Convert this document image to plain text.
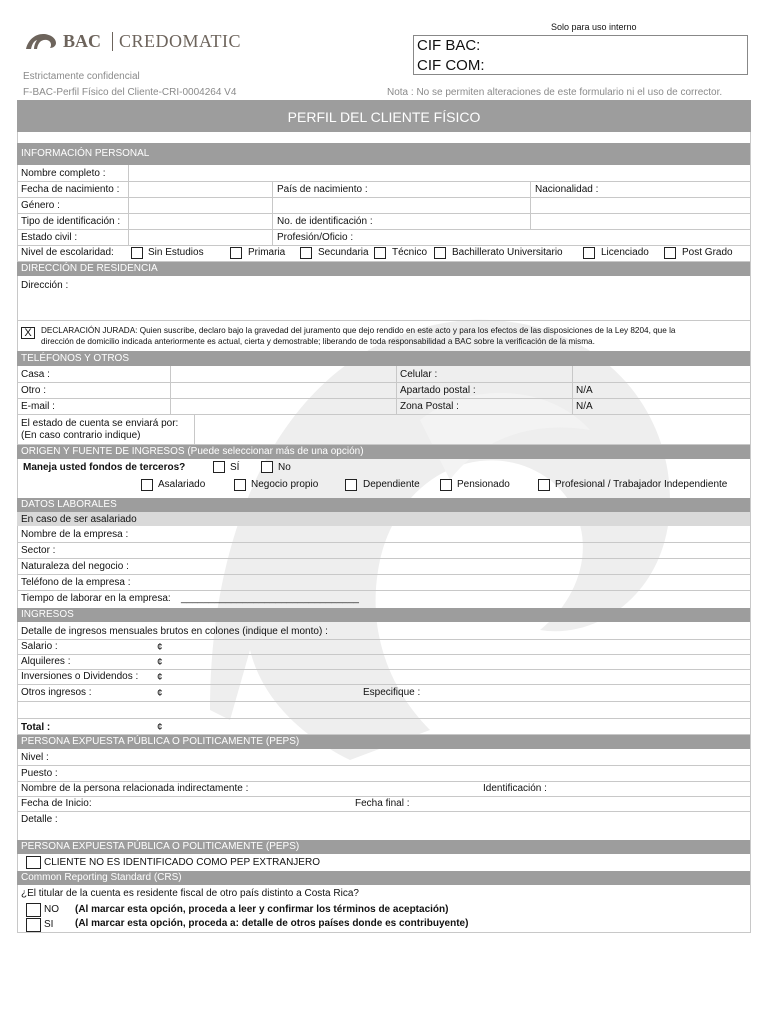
BAC CREDOMATIC
Solo para uso interno
CIF BAC:
CIF COM:
Estrictamente confidencial
F-BAC-Perfil Físico del Cliente-CRI-0004264 V4	Nota : No se permiten alteraciones de este formulario ni el uso de corrector.
PERFIL DEL CLIENTE FÍSICO
INFORMACIÓN PERSONAL
Nombre completo :
Fecha de nacimiento :	País de nacimiento :	Nacionalidad :
Género :
Tipo de identificación :	No. de identificación :
Estado civil :	Profesión/Oficio :
Nivel de escolaridad:	Sin Estudios	Primaria	Secundaria Técnico Bachillerato Universitario	Licenciado	Post Grado
DIRECCIÓN DE RESIDENCIA
Dirección :
X	DECLARACIÓN JURADA: Quien suscribe, declaro bajo la gravedad del juramento que dejo rendido en este acto y para los efectos de las disposiciones de la Ley 8204, que la
dirección de domicilio indicada anteriormente es actual, cierta y demostrable; liberando de toda responsabilidad a BAC sobre la verificación de la misma.
TELÉFONOS Y OTROS
Casa :	Celular :
Otro :	Apartado postal :	N/A
E-mail :	Zona Postal :	N/A
El estado de cuenta se enviará por:
(En caso contrario indique)
ORIGEN Y FUENTE DE INGRESOS (Puede seleccionar más de una opción)
Maneja usted fondos de terceros?	SÍ	No
Asalariado	Negocio propio	Dependiente	Pensionado	Profesional / Trabajador Independiente
DATOS LABORALES
En caso de ser asalariado
Nombre de la empresa :
Sector :
Naturaleza del negocio :
Teléfono de la empresa :
Tiempo de laborar en la empresa: ________________________________
INGRESOS
Detalle de ingresos mensuales brutos en colones (indique el monto) :
Salario :	¢
Alquileres :	¢
Inversiones o Dividendos : ¢
Otros ingresos :	¢	Especifique :
Total :	¢
PERSONA EXPUESTA PÚBLICA O POLITICAMENTE (PEPS)
Nivel :
Puesto :
Nombre de la persona relacionada indirectamente :	Identificación :
Fecha de Inicio:	Fecha final :
Detalle :
PERSONA EXPUESTA PÚBLICA O POLITICAMENTE (PEPS)
CLIENTE NO ES IDENTIFICADO COMO PEP EXTRANJERO
Common Reporting Standard (CRS)
¿El titular de la cuenta es residente fiscal de otro país distinto a Costa Rica?
NO (Al marcar esta opción, proceda a leer y confirmar los términos de aceptación)
SI (Al marcar esta opción, proceda a: detalle de otros países donde es contribuyente)
